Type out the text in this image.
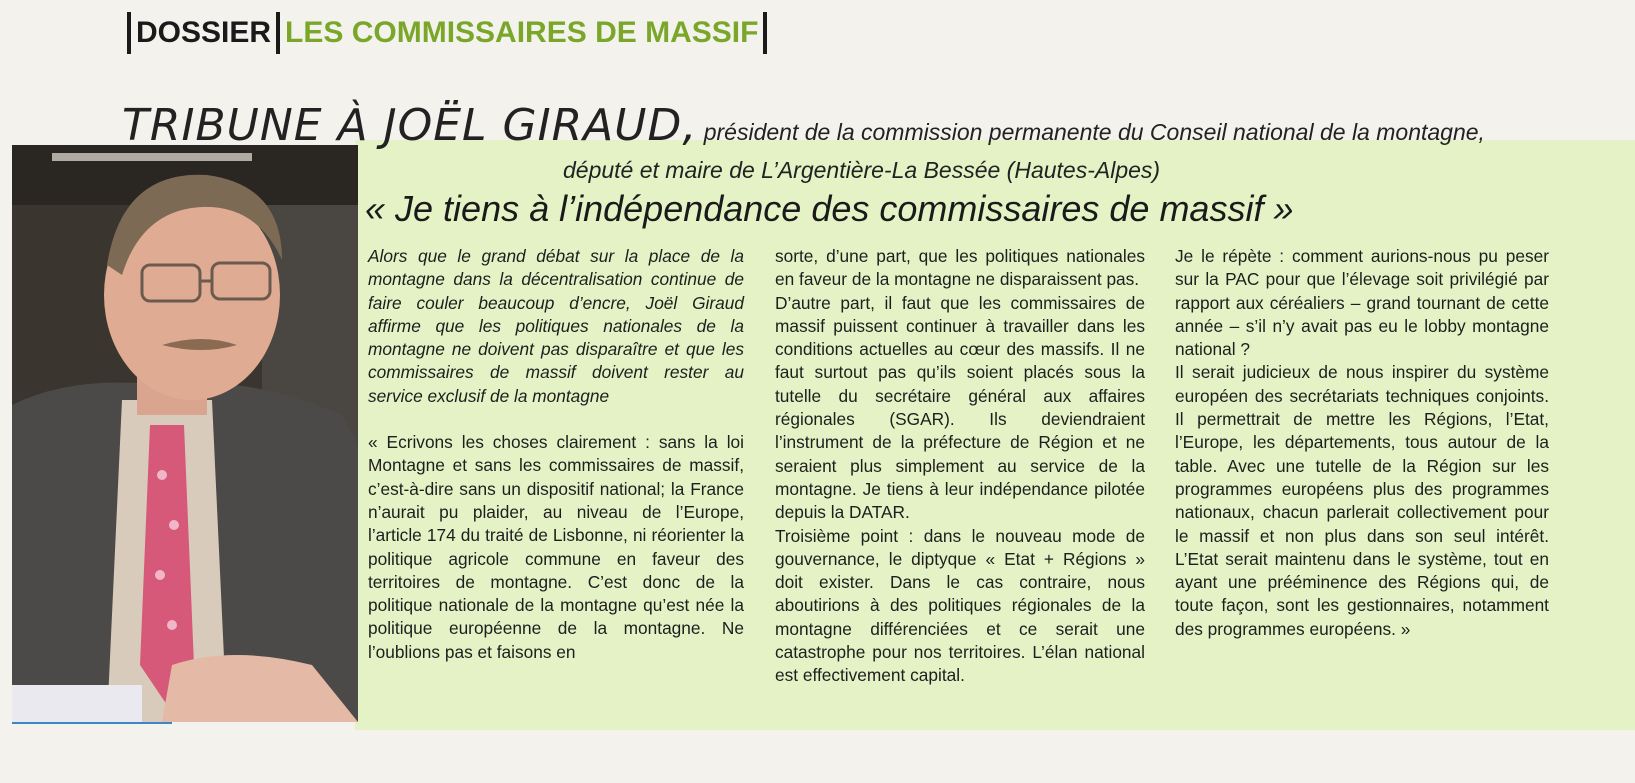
DOSSIER LES COMMISSAIRES DE MASSIF
TRIBUNE À JOËL GIRAUD, président de la commission permanente du Conseil national de la montagne,
député et maire de L’Argentière-La Bessée (Hautes-Alpes)
« Je tiens à l’indépendance des commissaires de massif »

Alors que le grand débat sur la place de la montagne dans la décentralisation continue de faire couler beaucoup d’encre, Joël Giraud affirme que les politiques nationales de la montagne ne doivent pas disparaître et que les commissaires de massif doivent rester au service exclusif de la montagne

« Ecrivons les choses clairement : sans la loi Montagne et sans les commissaires de massif, c’est-à-dire sans un dispositif national; la France n’aurait pu plaider, au niveau de l’Europe, l’article 174 du traité de Lisbonne, ni réorienter la politique agricole commune en faveur des territoires de montagne. C’est donc de la politique nationale de la montagne qu’est née la politique européenne de la montagne. Ne l’oublions pas et faisons en

sorte, d’une part, que les politiques nationales en faveur de la montagne ne disparaissent pas.

D’autre part, il faut que les commissaires de massif puissent continuer à travailler dans les conditions actuelles au cœur des massifs. Il ne faut surtout pas qu’ils soient placés sous la tutelle du secrétaire général aux affaires régionales (SGAR). Ils deviendraient l’instrument de la préfecture de Région et ne seraient plus simplement au service de la montagne. Je tiens à leur indépendance pilotée depuis la DATAR.

Troisième point : dans le nouveau mode de gouvernance, le diptyque « Etat + Régions » doit exister. Dans le cas contraire, nous aboutirions à des politiques régionales de la montagne différenciées et ce serait une catastrophe pour nos territoires. L’élan national est effectivement capital.

Je le répète : comment aurions-nous pu peser sur la PAC pour que l’élevage soit privilégié par rapport aux céréaliers – grand tournant de cette année – s’il n’y avait pas eu le lobby montagne national ?

Il serait judicieux de nous inspirer du système européen des secrétariats techniques conjoints. Il permettrait de mettre les Régions, l’Etat, l’Europe, les départements, tous autour de la table. Avec une tutelle de la Région sur les programmes européens plus des programmes nationaux, chacun parlerait collectivement pour le massif et non plus dans son seul intérêt. L’Etat serait maintenu dans le système, tout en ayant une prééminence des Régions qui, de toute façon, sont les gestionnaires, notamment des programmes européens. »
